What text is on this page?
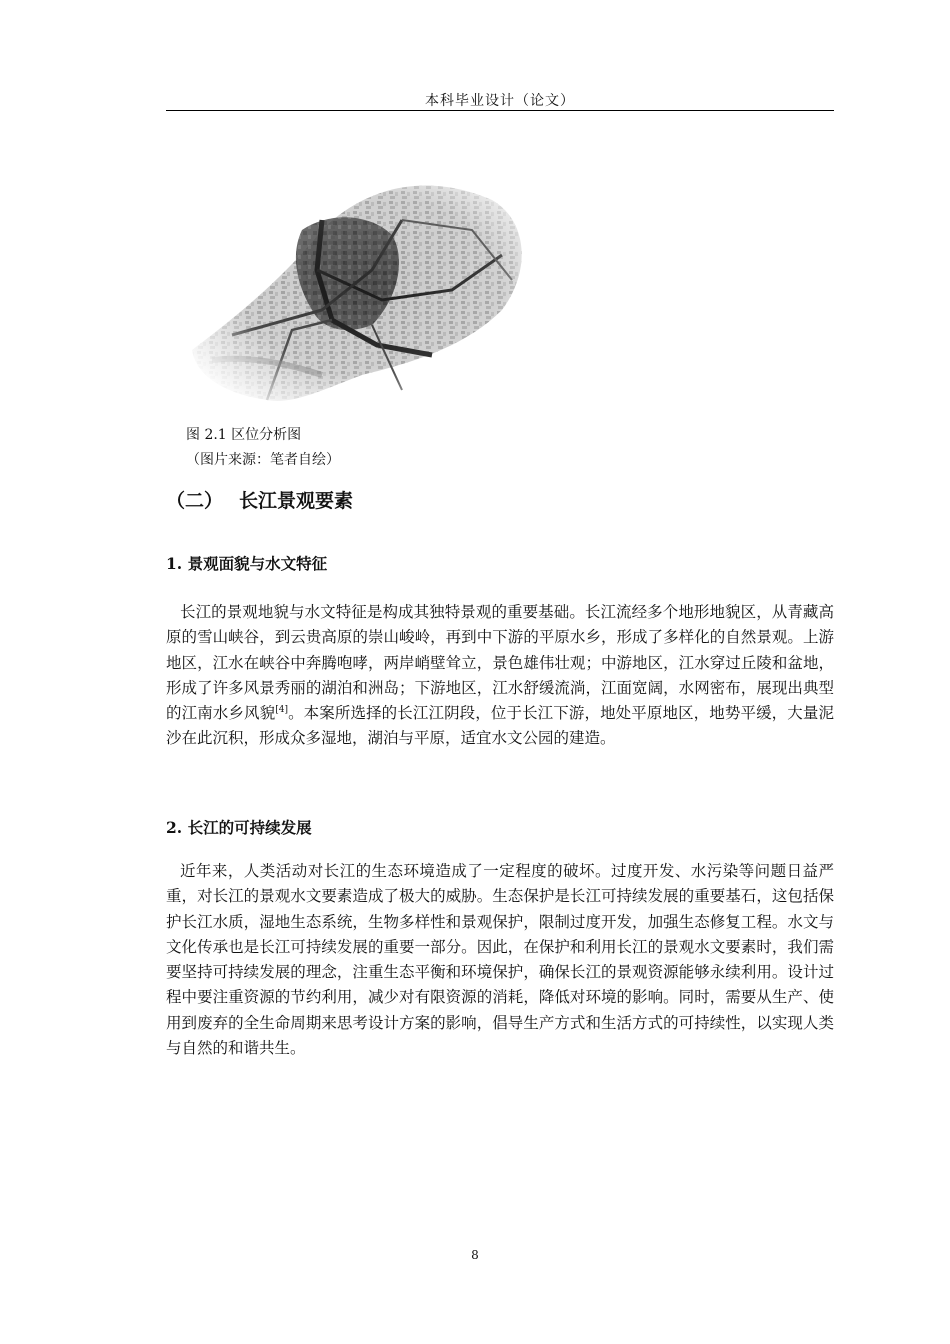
本科毕业设计（论文）
图 2.1 区位分析图
（图片来源：笔者自绘）
（二） 长江景观要素
1. 景观面貌与水文特征

长江的景观地貌与水文特征是构成其独特景观的重要基础。长江流经多个地形地貌区，从青藏高原的雪山峡谷，到云贵高原的崇山峻岭，再到中下游的平原水乡，形成了多样化的自然景观。上游地区，江水在峡谷中奔腾咆哮，两岸峭壁耸立，景色雄伟壮观；中游地区，江水穿过丘陵和盆地，形成了许多风景秀丽的湖泊和洲岛；下游地区，江水舒缓流淌，江面宽阔，水网密布，展现出典型的江南水乡风貌[4]。本案所选择的长江江阴段，位于长江下游，地处平原地区，地势平缓，大量泥沙在此沉积，形成众多湿地，湖泊与平原，适宜水文公园的建造。

2. 长江的可持续发展

近年来，人类活动对长江的生态环境造成了一定程度的破坏。过度开发、水污染等问题日益严重，对长江的景观水文要素造成了极大的威胁。生态保护是长江可持续发展的重要基石，这包括保护长江水质，湿地生态系统，生物多样性和景观保护，限制过度开发，加强生态修复工程。水文与文化传承也是长江可持续发展的重要一部分。因此，在保护和利用长江的景观水文要素时，我们需要坚持可持续发展的理念，注重生态平衡和环境保护，确保长江的景观资源能够永续利用。设计过程中要注重资源的节约利用，减少对有限资源的消耗，降低对环境的影响。同时，需要从生产、使用到废弃的全生命周期来思考设计方案的影响，倡导生产方式和生活方式的可持续性，以实现人类与自然的和谐共生。

8
